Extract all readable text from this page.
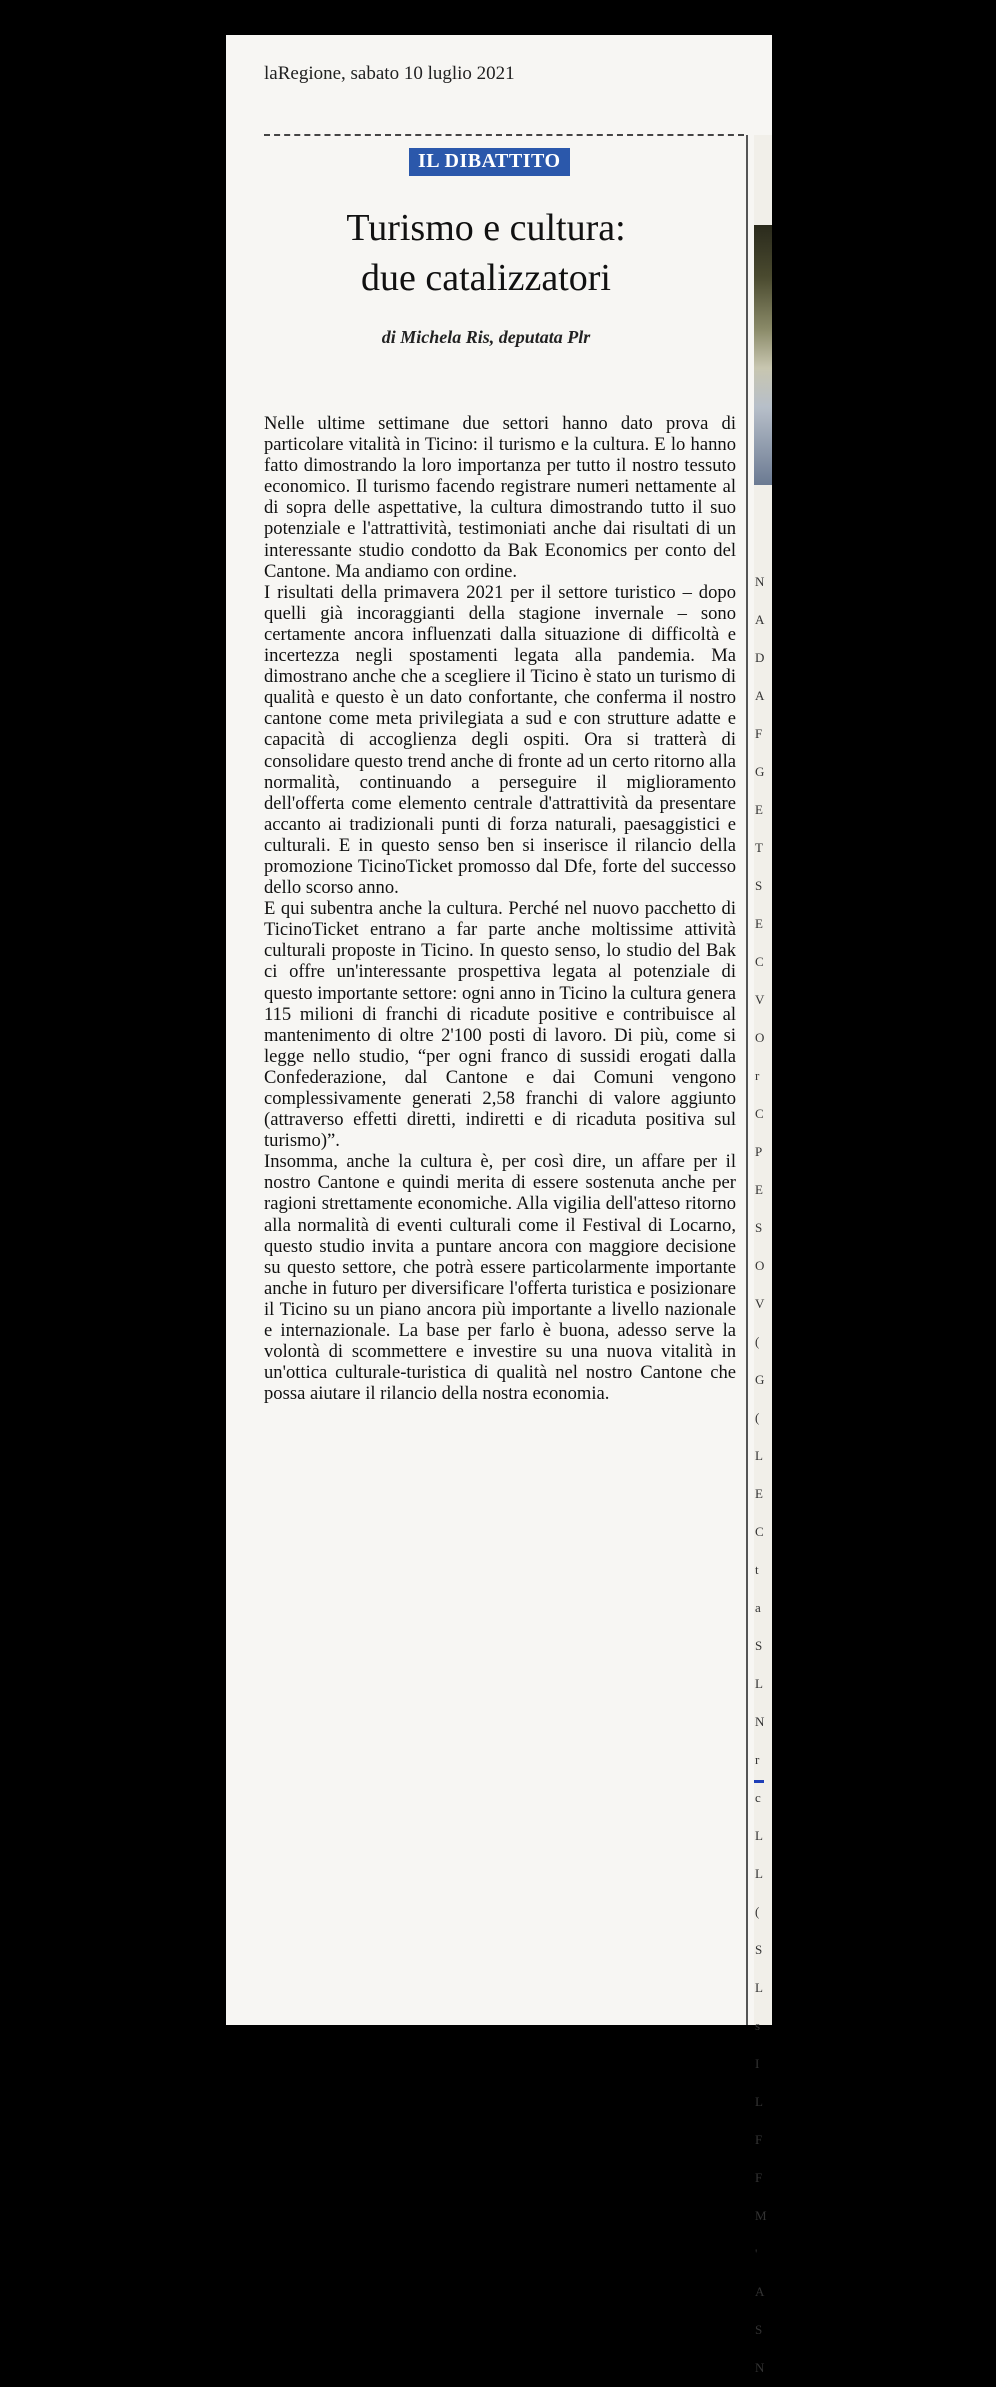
laRegione, sabato 10 luglio 2021
N
A
D
A
F
G
E
T
S
E
C
V
O
r
C
P
E
S
O
V
(
G
(
L
E
C
t
a
S
L
N
r
c
L
L
(
S
L
s
I
L
F
F
M
'
A
S
N
IL DIBATTITO
Turismo e cultura:
due catalizzatori
di Michela Ris, deputata Plr

Nelle ultime settimane due settori hanno dato prova di particolare vitalità in Ticino: il turismo e la cultura. E lo hanno fatto dimostrando la loro importanza per tutto il nostro tessuto economico. Il turismo facendo registrare numeri nettamente al di sopra delle aspettative, la cultura dimostrando tutto il suo potenziale e l'attrattività, testimoniati anche dai risultati di un interessante studio condotto da Bak Economics per conto del Cantone. Ma andiamo con ordine.

I risultati della primavera 2021 per il settore turistico – dopo quelli già incoraggianti della stagione invernale – sono certamente ancora influenzati dalla situazione di difficoltà e incertezza negli spostamenti legata alla pandemia. Ma dimostrano anche che a scegliere il Ticino è stato un turismo di qualità e questo è un dato confortante, che conferma il nostro cantone come meta privilegiata a sud e con strutture adatte e capacità di accoglienza degli ospiti. Ora si tratterà di consolidare questo trend anche di fronte ad un certo ritorno alla normalità, continuando a perseguire il miglioramento dell'offerta come elemento centrale d'attrattività da presentare accanto ai tradizionali punti di forza naturali, paesaggistici e culturali. E in questo senso ben si inserisce il rilancio della promozione TicinoTicket promosso dal Dfe, forte del successo dello scorso anno.

E qui subentra anche la cultura. Perché nel nuovo pacchetto di TicinoTicket entrano a far parte anche moltissime attività culturali proposte in Ticino. In questo senso, lo studio del Bak ci offre un'interessante prospettiva legata al potenziale di questo importante settore: ogni anno in Ticino la cultura genera 115 milioni di franchi di ricadute positive e contribuisce al mantenimento di oltre 2'100 posti di lavoro. Di più, come si legge nello studio, “per ogni franco di sussidi erogati dalla Confederazione, dal Cantone e dai Comuni vengono complessivamente generati 2,58 franchi di valore aggiunto (attraverso effetti diretti, indiretti e di ricaduta positiva sul turismo)”.

Insomma, anche la cultura è, per così dire, un affare per il nostro Cantone e quindi merita di essere sostenuta anche per ragioni strettamente economiche. Alla vigilia dell'atteso ritorno alla normalità di eventi culturali come il Festival di Locarno, questo studio invita a puntare ancora con maggiore decisione su questo settore, che potrà essere particolarmente importante anche in futuro per diversificare l'offerta turistica e posizionare il Ticino su un piano ancora più importante a livello nazionale e internazionale. La base per farlo è buona, adesso serve la volontà di scommettere e investire su una nuova vitalità in un'ottica culturale-turistica di qualità nel nostro Cantone che possa aiutare il rilancio della nostra economia.
